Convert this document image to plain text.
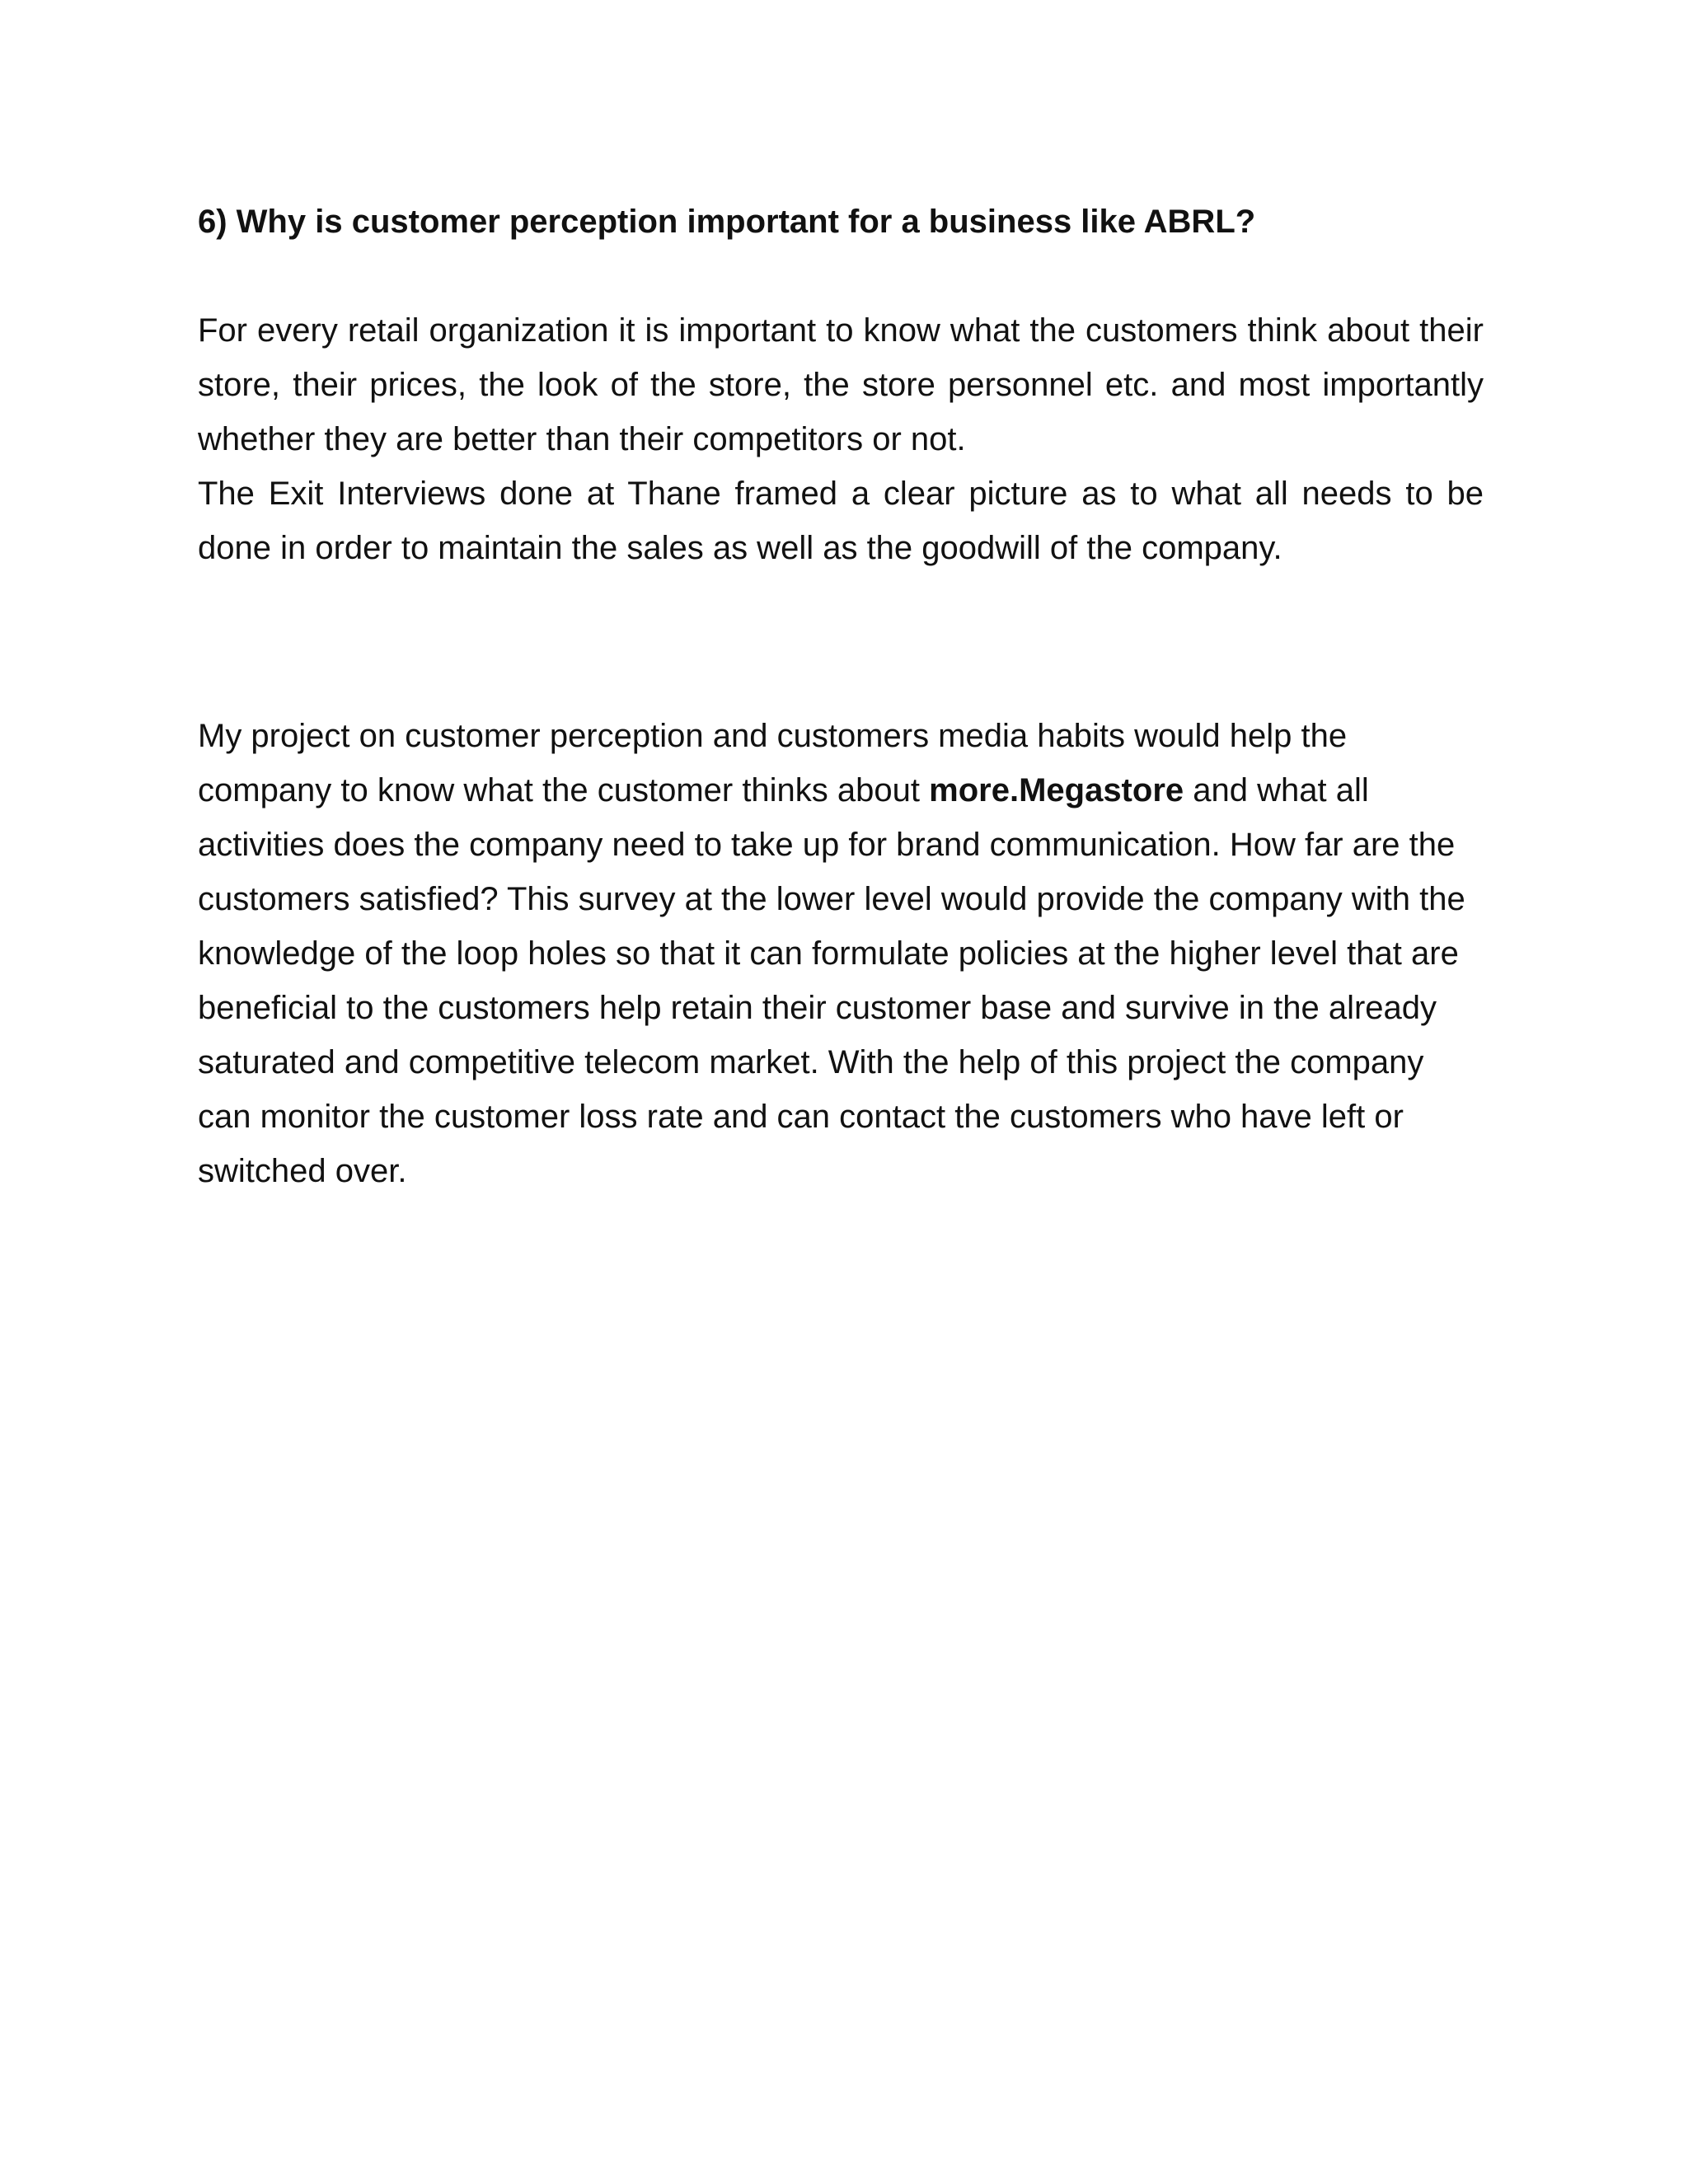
6) Why is customer perception important for a business like ABRL?
For every retail organization it is important to know what the customers think about their store, their prices, the look of the store, the store personnel etc. and most importantly whether they are better than their competitors or not.
The Exit Interviews done at Thane framed a clear picture as to what all needs to be done in order to maintain the sales as well as the goodwill of the company.
My project on customer perception and customers media habits would help the company to know what the customer thinks about more.Megastore and what all activities does the company need to take up for brand communication. How far are the customers satisfied? This survey at the lower level would provide the company with the knowledge of the loop holes so that it can formulate policies at the higher level that are beneficial to the customers help retain their customer base and survive in the already saturated and competitive telecom market. With the help of this project the company can monitor the customer loss rate and can contact the customers who have left or switched over.
